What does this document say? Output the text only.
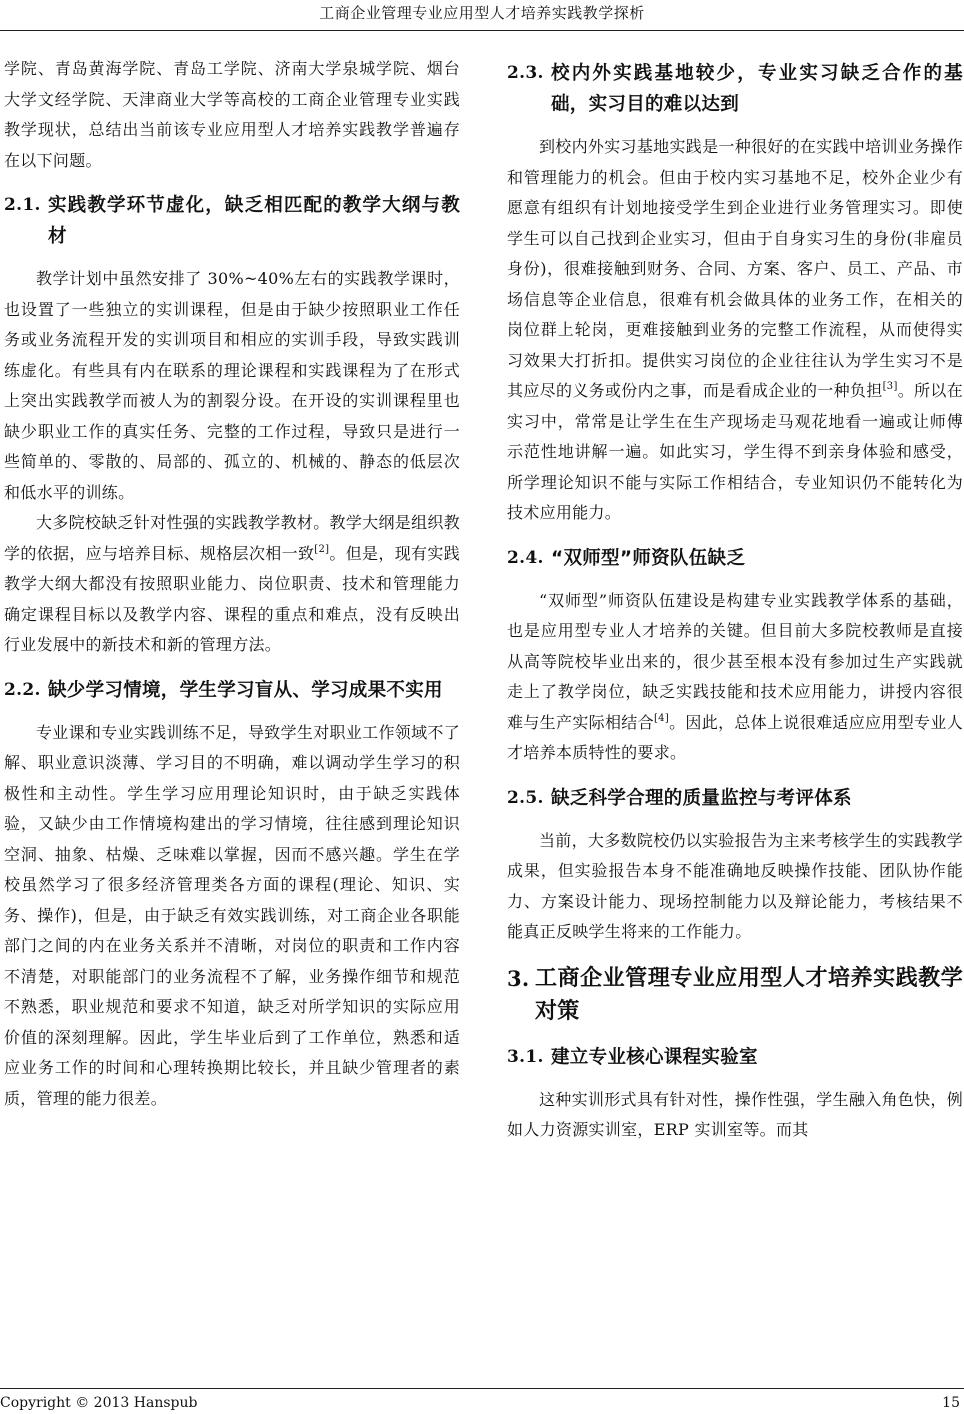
工商企业管理专业应用型人才培养实践教学探析

学院、青岛黄海学院、青岛工学院、济南大学泉城学院、烟台大学文经学院、天津商业大学等高校的工商企业管理专业实践教学现状，总结出当前该专业应用型人才培养实践教学普遍存在以下问题。

2.1. 实践教学环节虚化，缺乏相匹配的教学大纲与教材

教学计划中虽然安排了 30%~40%左右的实践教学课时，也设置了一些独立的实训课程，但是由于缺少按照职业工作任务或业务流程开发的实训项目和相应的实训手段，导致实践训练虚化。有些具有内在联系的理论课程和实践课程为了在形式上突出实践教学而被人为的割裂分设。在开设的实训课程里也缺少职业工作的真实任务、完整的工作过程，导致只是进行一些简单的、零散的、局部的、孤立的、机械的、静态的低层次和低水平的训练。

大多院校缺乏针对性强的实践教学教材。教学大纲是组织教学的依据，应与培养目标、规格层次相一致[2]。但是，现有实践教学大纲大都没有按照职业能力、岗位职责、技术和管理能力确定课程目标以及教学内容、课程的重点和难点，没有反映出行业发展中的新技术和新的管理方法。

2.2. 缺少学习情境，学生学习盲从、学习成果不实用

专业课和专业实践训练不足，导致学生对职业工作领域不了解、职业意识淡薄、学习目的不明确，难以调动学生学习的积极性和主动性。学生学习应用理论知识时，由于缺乏实践体验，又缺少由工作情境构建出的学习情境，往往感到理论知识空洞、抽象、枯燥、乏味难以掌握，因而不感兴趣。学生在学校虽然学习了很多经济管理类各方面的课程(理论、知识、实务、操作)，但是，由于缺乏有效实践训练，对工商企业各职能部门之间的内在业务关系并不清晰，对岗位的职责和工作内容不清楚，对职能部门的业务流程不了解，业务操作细节和规范不熟悉，职业规范和要求不知道，缺乏对所学知识的实际应用价值的深刻理解。因此，学生毕业后到了工作单位，熟悉和适应业务工作的时间和心理转换期比较长，并且缺少管理者的素质，管理的能力很差。

2.3. 校内外实践基地较少，专业实习缺乏合作的基础，实习目的难以达到

到校内外实习基地实践是一种很好的在实践中培训业务操作和管理能力的机会。但由于校内实习基地不足，校外企业少有愿意有组织有计划地接受学生到企业进行业务管理实习。即使学生可以自己找到企业实习，但由于自身实习生的身份(非雇员身份)，很难接触到财务、合同、方案、客户、员工、产品、市场信息等企业信息，很难有机会做具体的业务工作，在相关的岗位群上轮岗，更难接触到业务的完整工作流程，从而使得实习效果大打折扣。提供实习岗位的企业往往认为学生实习不是其应尽的义务或份内之事，而是看成企业的一种负担[3]。所以在实习中，常常是让学生在生产现场走马观花地看一遍或让师傅示范性地讲解一遍。如此实习，学生得不到亲身体验和感受，所学理论知识不能与实际工作相结合，专业知识仍不能转化为技术应用能力。

2.4. “双师型”师资队伍缺乏

“双师型”师资队伍建设是构建专业实践教学体系的基础，也是应用型专业人才培养的关键。但目前大多院校教师是直接从高等院校毕业出来的，很少甚至根本没有参加过生产实践就走上了教学岗位，缺乏实践技能和技术应用能力，讲授内容很难与生产实际相结合[4]。因此，总体上说很难适应应用型专业人才培养本质特性的要求。

2.5. 缺乏科学合理的质量监控与考评体系

当前，大多数院校仍以实验报告为主来考核学生的实践教学成果，但实验报告本身不能准确地反映操作技能、团队协作能力、方案设计能力、现场控制能力以及辩论能力，考核结果不能真正反映学生将来的工作能力。

3. 工商企业管理专业应用型人才培养实践教学对策
3.1. 建立专业核心课程实验室

这种实训形式具有针对性，操作性强，学生融入角色快，例如人力资源实训室，ERP 实训室等。而其

Copyright © 2013 Hanspub	15
